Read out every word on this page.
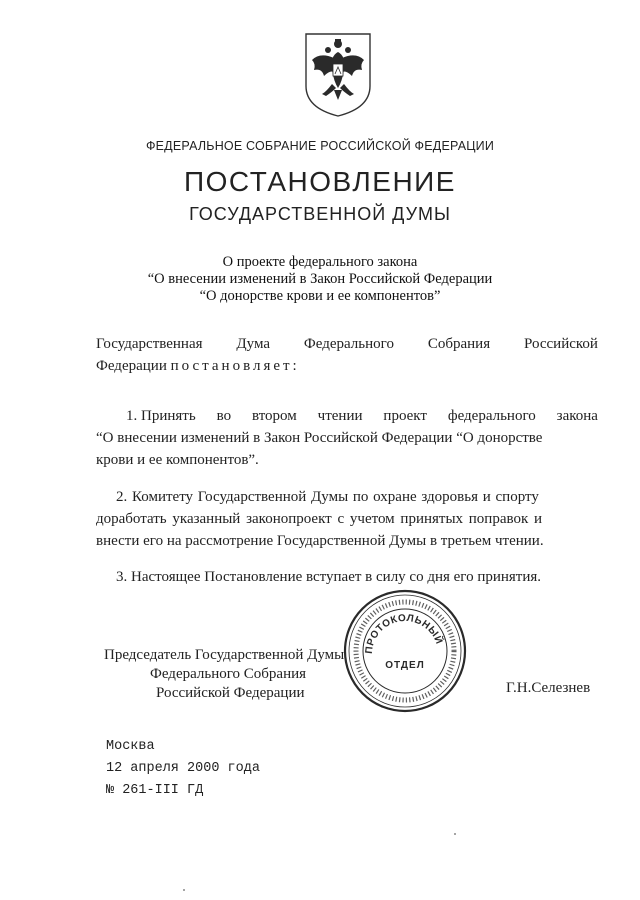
ФЕДЕРАЛЬНОЕ СОБРАНИЕ РОССИЙСКОЙ ФЕДЕРАЦИИ
ПОСТАНОВЛЕНИЕ
ГОСУДАРСТВЕННОЙ ДУМЫ
О проекте федерального закона
“О внесении изменений в Закон Российской Федерации
“О донорстве крови и ее компонентов”
Государственная Дума Федерального Собрания Российской
Федерации постановляет:
1. Принять во втором чтении проект федерального закона
“О внесении изменений в Закон Российской Федерации “О донорстве
крови и ее компонентов”.
2. Комитету Государственной Думы по охране здоровья и спорту
доработать указанный законопроект с учетом принятых поправок и
внести его на рассмотрение Государственной Думы в третьем чтении.
3. Настоящее Постановление вступает в силу со дня его принятия.
ПРОТОКОЛЬНЫЙ
ОТДЕЛ
Председатель Государственной Думы
Федерального Собрания
Российской Федерации	Г.Н.Селезнев
Москва
12 апреля 2000 года
№ 261-III ГД
